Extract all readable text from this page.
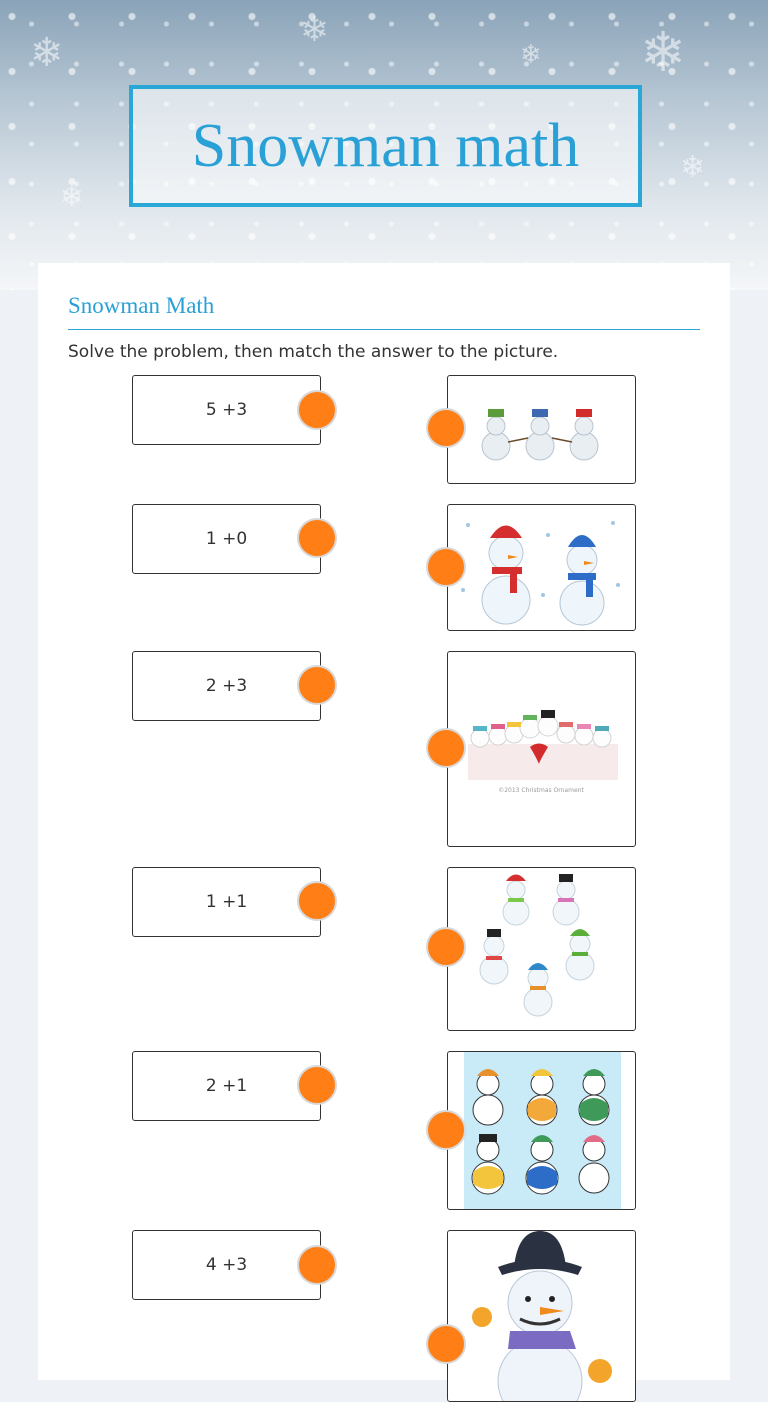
❄	❄
❄
❄
❄
❄
Snowman math
Snowman Math
Solve the problem, then match the answer to the picture.
5 +3
1 +0
2 +3
1 +1
2 +1
4 +3
©2013 Christmas Ornament
